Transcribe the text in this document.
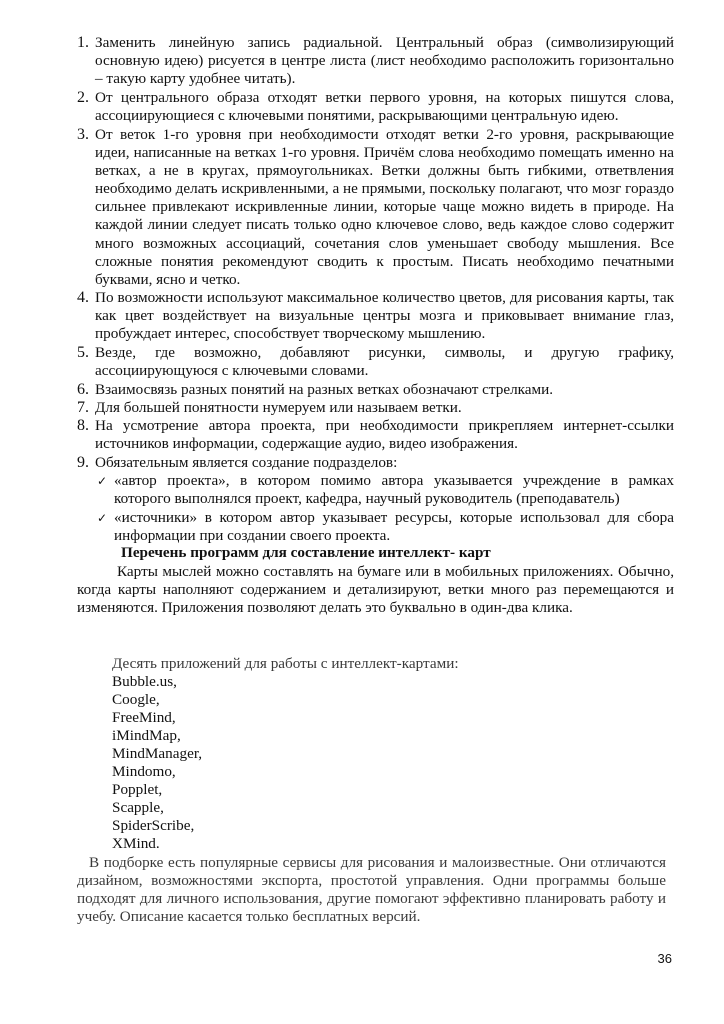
1. Заменить линейную запись радиальной. Центральный образ (символизирующий основную идею) рисуется в центре листа (лист необходимо расположить горизонтально – такую карту удобнее читать).
2. От центрального образа отходят ветки первого уровня, на которых пишутся слова, ассоциирующиеся с ключевыми понятими, раскрывающими центральную идею.
3. От веток 1-го уровня при необходимости отходят ветки 2-го уровня, раскрывающие идеи, написанные на ветках 1-го уровня. Причём слова необходимо помещать именно на ветках, а не в кругах, прямоугольниках. Ветки должны быть гибкими, ответвления необходимо делать искривленными, а не прямыми, поскольку полагают, что мозг гораздо сильнее привлекают искривленные линии, которые чаще можно видеть в природе. На каждой линии следует писать только одно ключевое слово, ведь каждое слово содержит много возможных ассоциаций, сочетания слов уменьшает свободу мышления. Все сложные понятия рекомендуют сводить к простым. Писать необходимо печатными буквами, ясно и четко.
4. По возможности используют максимальное количество цветов, для рисования карты, так как цвет воздействует на визуальные центры мозга и приковывает внимание глаз, пробуждает интерес, способствует творческому мышлению.
5. Везде, где возможно, добавляют рисунки, символы, и другую графику, ассоциирующуюся с ключевыми словами.
6. Взаимосвязь разных понятий на разных ветках обозначают стрелками.
7. Для большей понятности нумеруем или называем ветки.
8. На усмотрение автора проекта, при необходимости прикрепляем интернет-ссылки источников информации, содержащие аудио, видео изображения.
9. Обязательным является создание подразделов:
✓ «автор проекта», в котором помимо автора указывается учреждение в рамках которого выполнялся проект, кафедра, научный руководитель (преподаватель)
✓ «источники» в котором автор указывает ресурсы, которые использовал для сбора информации при создании своего проекта.
Перечень программ для составление интеллект- карт
Карты мыслей можно составлять на бумаге или в мобильных приложениях. Обычно, когда карты наполняют содержанием и детализируют, ветки много раз перемещаются и изменяются. Приложения позволяют делать это буквально в один-два клика.
Десять приложений для работы с интеллект-картами:
Bubble.us,
Coogle,
FreeMind,
iMindMap,
MindManager,
Mindomo,
Popplet,
Scapple,
SpiderScribe,
XMind.
В подборке есть популярные сервисы для рисования и малоизвестные. Они отличаются дизайном, возможностями экспорта, простотой управления. Одни программы больше подходят для личного использования, другие помогают эффективно планировать работу и учебу. Описание касается только бесплатных версий.
36
